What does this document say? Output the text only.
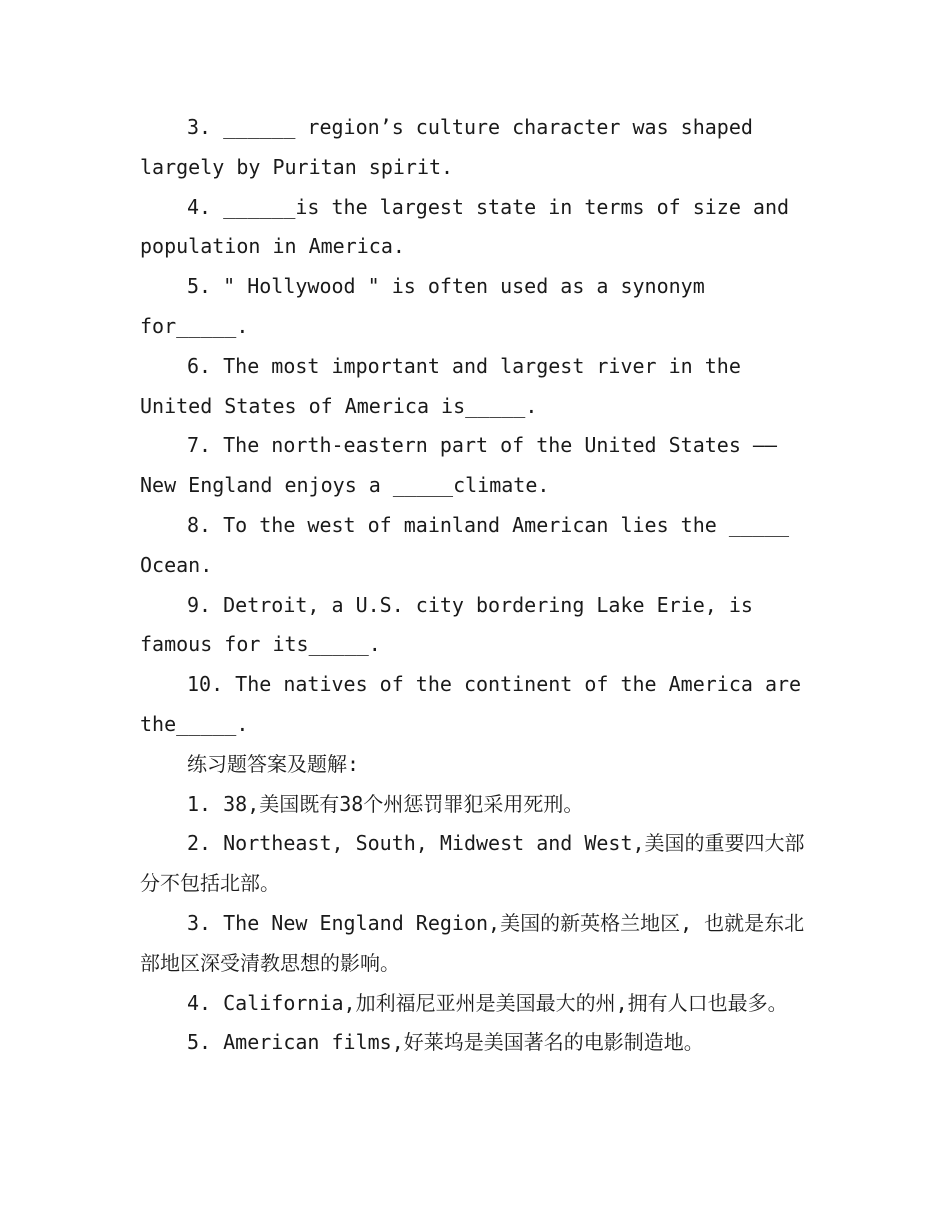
3. ______ region’s culture character was shaped largely by Puritan spirit.

4. ______is the largest state in terms of size and population in America.

5. " Hollywood " is often used as a synonym for_____.

6. The most important and largest river in the United States of America is_____.

7. The north-eastern part of the United States ——New England enjoys a _____climate.

8. To the west of mainland American lies the _____ Ocean.

9. Detroit, a U.S. city bordering Lake Erie, is famous for its_____.

10. The natives of the continent of the America are the_____.

练习题答案及题解:

1. 38,美国既有38个州惩罚罪犯采用死刑。

2. Northeast, South, Midwest and West,美国的重要四大部分不包括北部。

3. The New England Region,美国的新英格兰地区, 也就是东北部地区深受清教思想的影响。

4. California,加利福尼亚州是美国最大的州,拥有人口也最多。

5. American films,好莱坞是美国著名的电影制造地。
